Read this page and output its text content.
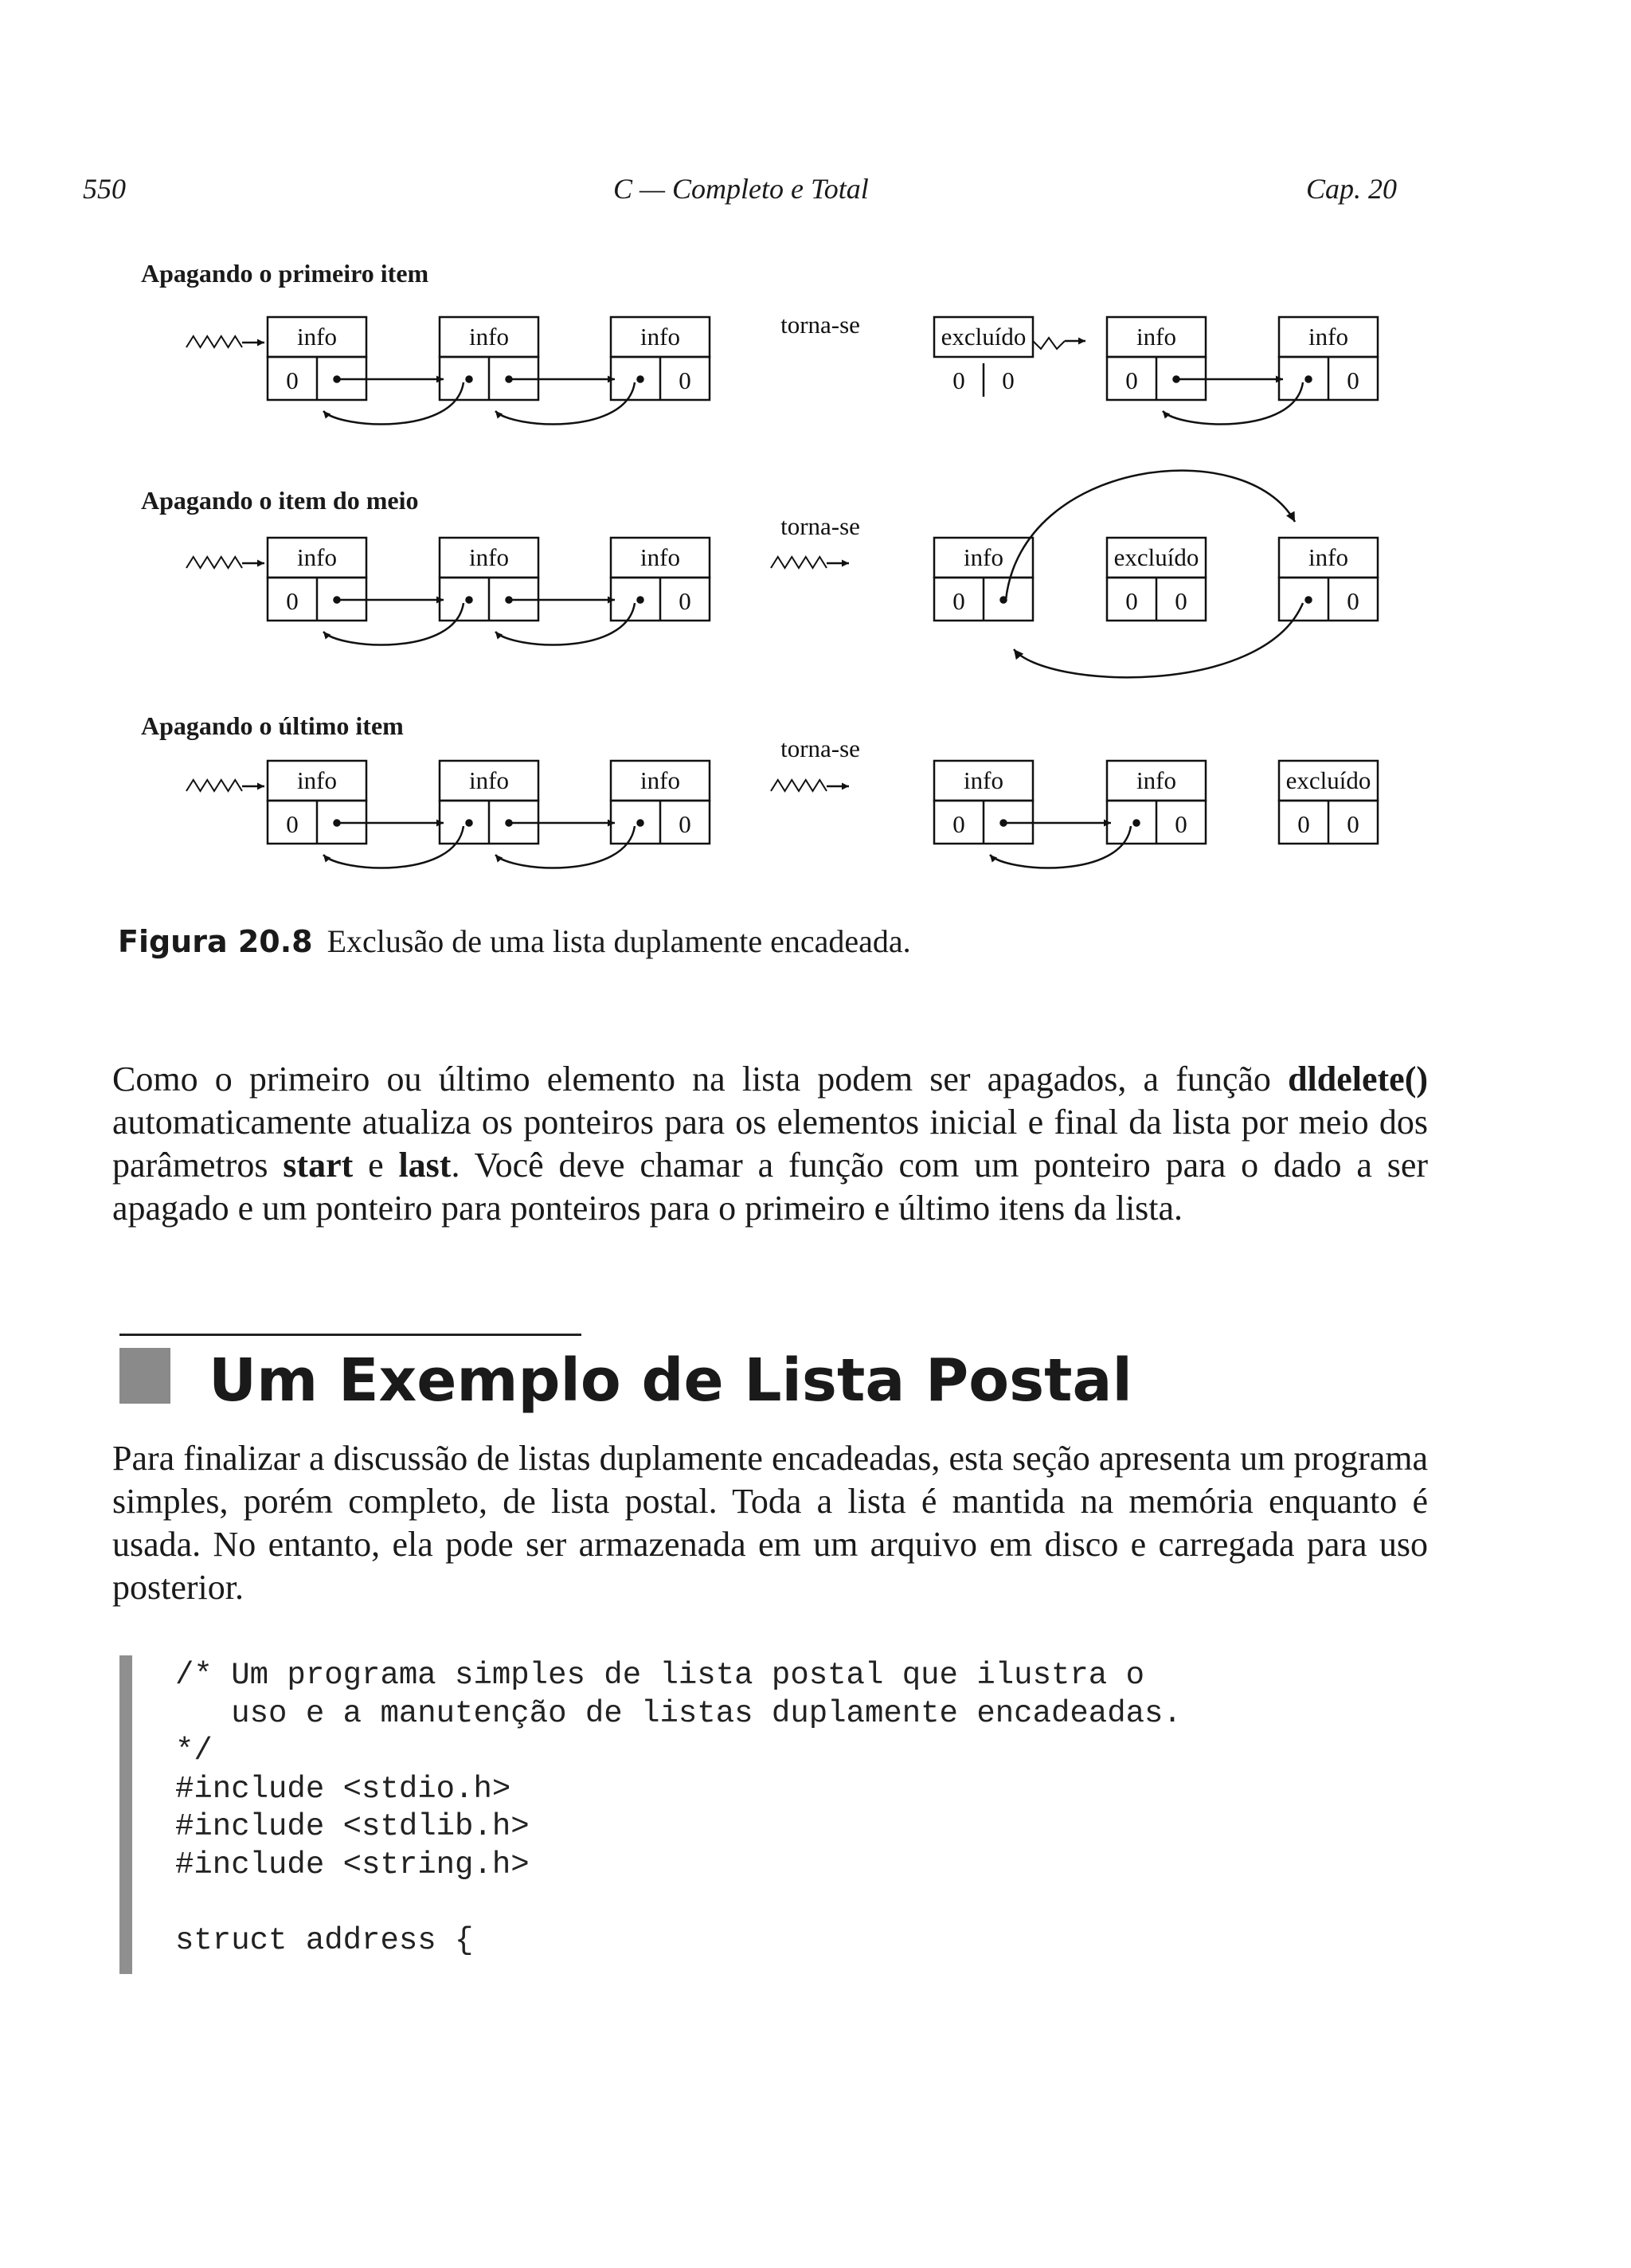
550	C — Completo e Total	Cap. 20
Apagando o primeiro item
Apagando o item do meio
Apagando o último item
info
0
info	info
0
torna-se	excluído
0 0
info
0
info
0
info
0
info	info
0
torna-se
info
0
excluído
0 0
info
0
info
0
info	info
0
torna-se
info
0
info
0
excluído
0 0
Figura 20.8 Exclusão de uma lista duplamente encadeada.
Como o primeiro ou último elemento na lista podem ser apagados, a função dldelete() automaticamente atualiza os ponteiros para os elementos inicial e final da lista por meio dos parâmetros start e last. Você deve chamar a função com um ponteiro para o dado a ser apagado e um ponteiro para ponteiros para o primeiro e último itens da lista.
Um Exemplo de Lista Postal
Para finalizar a discussão de listas duplamente encadeadas, esta seção apresenta um programa simples, porém completo, de lista postal. Toda a lista é mantida na memória enquanto é usada. No entanto, ela pode ser armazenada em um arquivo em disco e carregada para uso posterior.
/* Um programa simples de lista postal que ilustra o
uso e a manutenção de listas duplamente encadeadas.
*/
#include <stdio.h>
#include <stdlib.h>
#include <string.h>

struct address {
